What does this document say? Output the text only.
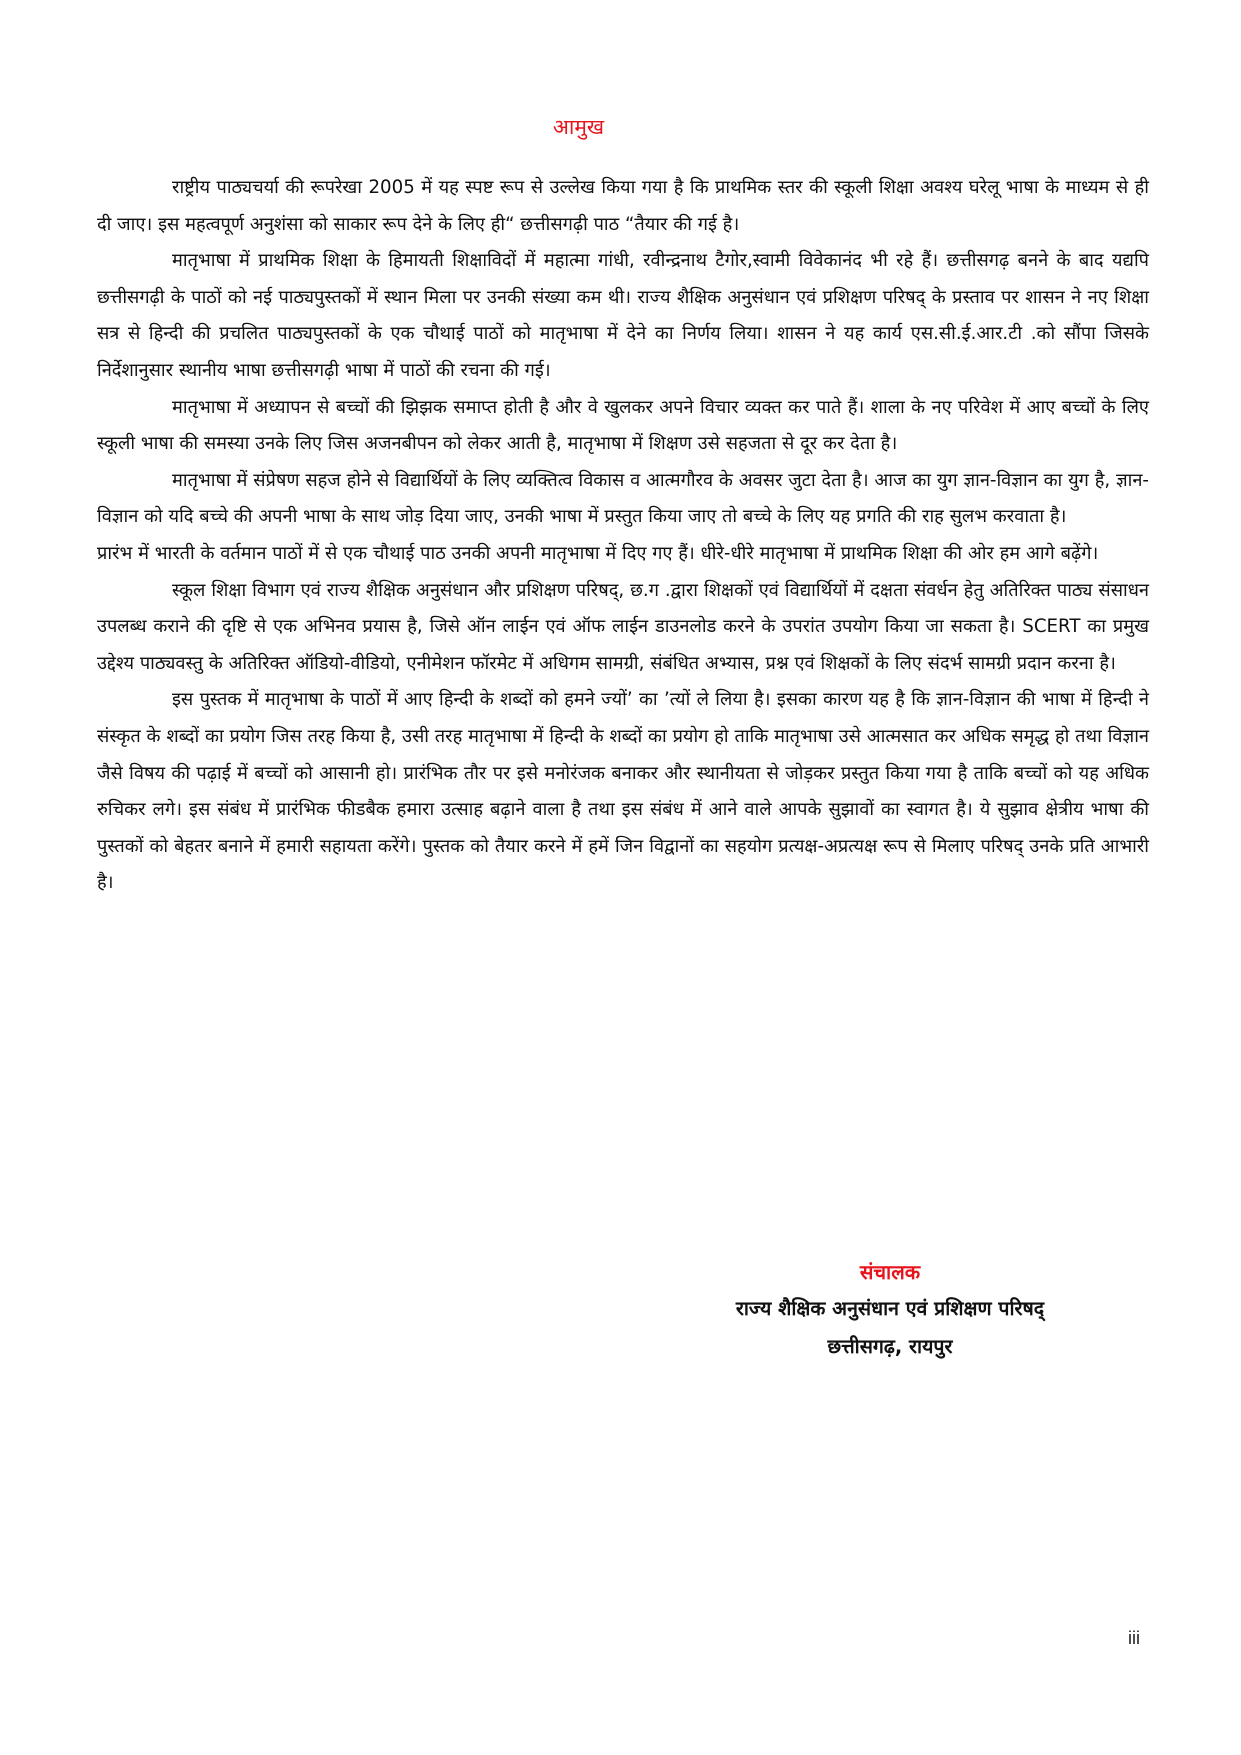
आमुख

राष्ट्रीय पाठ्यचर्या की रूपरेखा 2005 में यह स्पष्ट रूप से उल्लेख किया गया है कि प्राथमिक स्तर की स्कूली शिक्षा अवश्य घरेलू भाषा के माध्यम से ही दी जाए। इस महत्वपूर्ण अनुशंसा को साकार रूप देने के लिए ही“ छत्तीसगढ़ी पाठ “तैयार की गई है।

मातृभाषा में प्राथमिक शिक्षा के हिमायती शिक्षाविदों में महात्मा गांधी, रवीन्द्रनाथ टैगोर,स्वामी विवेकानंद भी रहे हैं। छत्तीसगढ़ बनने के बाद यद्यपि छत्तीसगढ़ी के पाठों को नई पाठ्यपुस्तकों में स्थान मिला पर उनकी संख्या कम थी। राज्य शैक्षिक अनुसंधान एवं प्रशिक्षण परिषद् के प्रस्ताव पर शासन ने नए शिक्षा सत्र से हिन्दी की प्रचलित पाठ्यपुस्तकों के एक चौथाई पाठों को मातृभाषा में देने का निर्णय लिया। शासन ने यह कार्य एस.सी.ई.आर.टी .को सौंपा जिसके निर्देशानुसार स्थानीय भाषा छत्तीसगढ़ी भाषा में पाठों की रचना की गई।

मातृभाषा में अध्यापन से बच्चों की झिझक समाप्त होती है और वे खुलकर अपने विचार व्यक्त कर पाते हैं। शाला के नए परिवेश में आए बच्चों के लिए स्कूली भाषा की समस्या उनके लिए जिस अजनबीपन को लेकर आती है, मातृभाषा में शिक्षण उसे सहजता से दूर कर देता है।

मातृभाषा में संप्रेषण सहज होने से विद्यार्थियों के लिए व्यक्तित्व विकास व आत्मगौरव के अवसर जुटा देता है। आज का युग ज्ञान-विज्ञान का युग है, ज्ञान-विज्ञान को यदि बच्चे की अपनी भाषा के साथ जोड़ दिया जाए, उनकी भाषा में प्रस्तुत किया जाए तो बच्चे के लिए यह प्रगति की राह सुलभ करवाता है।

प्रारंभ में भारती के वर्तमान पाठों में से एक चौथाई पाठ उनकी अपनी मातृभाषा में दिए गए हैं। धीरे-धीरे मातृभाषा में प्राथमिक शिक्षा की ओर हम आगे बढ़ेंगे।

स्कूल शिक्षा विभाग एवं राज्य शैक्षिक अनुसंधान और प्रशिक्षण परिषद्, छ.ग .द्वारा शिक्षकों एवं विद्यार्थियों में दक्षता संवर्धन हेतु अतिरिक्त पाठ्य संसाधन उपलब्ध कराने की दृष्टि से एक अभिनव प्रयास है, जिसे ऑन लाईन एवं ऑफ लाईन डाउनलोड करने के उपरांत उपयोग किया जा सकता है। SCERT का प्रमुख उद्देश्य पाठ्यवस्तु के अतिरिक्त ऑडियो-वीडियो, एनीमेशन फॉरमेट में अधिगम सामग्री, संबंधित अभ्यास, प्रश्न एवं शिक्षकों के लिए संदर्भ सामग्री प्रदान करना है।

इस पुस्तक में मातृभाषा के पाठों में आए हिन्दी के शब्दों को हमने ज्यों’ का ’त्यों ले लिया है। इसका कारण यह है कि ज्ञान-विज्ञान की भाषा में हिन्दी ने संस्कृत के शब्दों का प्रयोग जिस तरह किया है, उसी तरह मातृभाषा में हिन्दी के शब्दों का प्रयोग हो ताकि मातृभाषा उसे आत्मसात कर अधिक समृद्ध हो तथा विज्ञान जैसे विषय की पढ़ाई में बच्चों को आसानी हो। प्रारंभिक तौर पर इसे मनोरंजक बनाकर और स्थानीयता से जोड़कर प्रस्तुत किया गया है ताकि बच्चों को यह अधिक रुचिकर लगे। इस संबंध में प्रारंभिक फीडबैक हमारा उत्साह बढ़ाने वाला है तथा इस संबंध में आने वाले आपके सुझावों का स्वागत है। ये सुझाव क्षेत्रीय भाषा की पुस्तकों को बेहतर बनाने में हमारी सहायता करेंगे। पुस्तक को तैयार करने में हमें जिन विद्वानों का सहयोग प्रत्यक्ष-अप्रत्यक्ष रूप से मिलाए परिषद् उनके प्रति आभारी है।

संचालक
राज्य शैक्षिक अनुसंधान एवं प्रशिक्षण परिषद्
छत्तीसगढ़, रायपुर
iii
